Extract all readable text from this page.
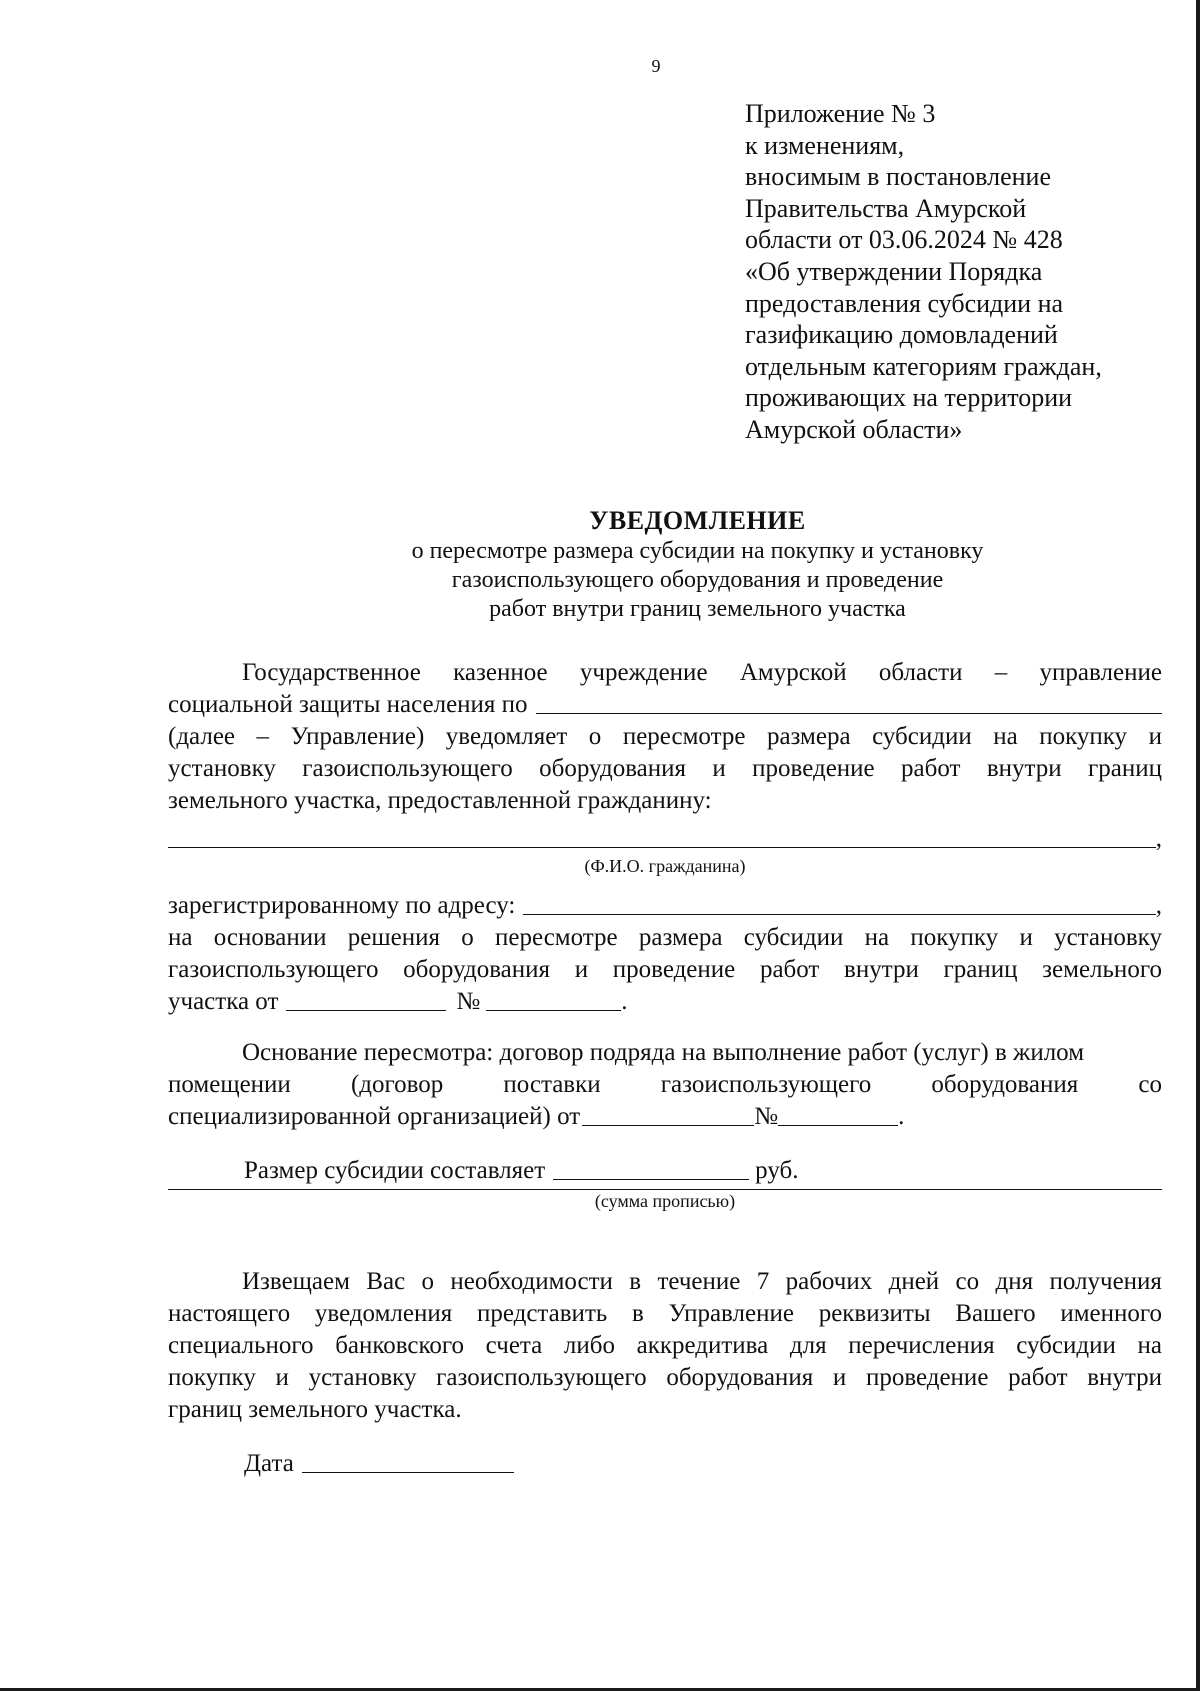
9
Приложение № 3
к изменениям,
вносимым в постановление
Правительства Амурской
области от 03.06.2024 № 428
«Об утверждении Порядка
предоставления субсидии на
газификацию домовладений
отдельным категориям граждан,
проживающих на территории
Амурской области»
УВЕДОМЛЕНИЕ
о пересмотре размера субсидии на покупку и установку
газоиспользующего оборудования и проведение
работ внутри границ земельного участка
Государственное казенное учреждение Амурской области – управление
социальной защиты населения по
(далее – Управление) уведомляет о пересмотре размера субсидии на покупку и
установку газоиспользующего оборудования и проведение работ внутри границ
земельного участка, предоставленной гражданину:
,
(Ф.И.О. гражданина)
зарегистрированному по адресу:	,
на основании решения о пересмотре размера субсидии на покупку и установку
газоиспользующего оборудования и проведение работ внутри границ земельного
участка от	№	.
Основание пересмотра: договор подряда на выполнение работ (услуг) в жилом
помещении (договор поставки газоиспользующего оборудования со
специализированной организацией) от	№	.
Размер субсидии составляет	руб.
(сумма прописью)
Извещаем Вас о необходимости в течение 7 рабочих дней со дня получения
настоящего уведомления представить в Управление реквизиты Вашего именного
специального банковского счета либо аккредитива для перечисления субсидии на
покупку и установку газоиспользующего оборудования и проведение работ внутри
границ земельного участка.
Дата
